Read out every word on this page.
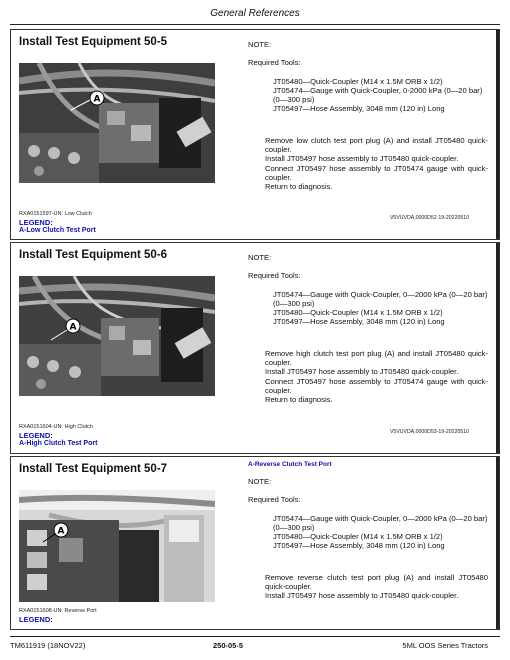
General References
Install Test Equipment 50-5
A
RXA0151597-UN: Low Clutch
LEGEND:
A-Low Clutch Test Port

NOTE:

Required Tools:

JT05480—Quick-Coupler (M14 x 1.5M ORB x 1/2)

JT05474—Gauge with Quick-Coupler, 0-2000 kPa (0—20 bar) (0—300 psi)

JT05497—Hose Assembly, 3048 mm (120 in) Long

Remove low clutch test port plug (A) and install JT05480 quick-coupler.

Install JT05497 hose assembly to JT05480 quick-coupler.

Connect JT05497 hose assembly to JT05474 gauge with quick-coupler.

Return to diagnosis.

V5VUVDA,0000D52-19-20220510
Install Test Equipment 50-6
A
RXA0151604-UN: High Clutch
LEGEND:
A-High Clutch Test Port

NOTE:

Required Tools:

JT05474—Gauge with Quick-Coupler, 0—2000 kPa (0—20 bar) (0—300 psi)

JT05480—Quick-Coupler (M14 x 1.5M ORB x 1/2)

JT05497—Hose Assembly, 3048 mm (120 in) Long

Remove high clutch test port plug (A) and install JT05480 quick-coupler.

Install JT05497 hose assembly to JT05480 quick-coupler.

Connect JT05497 hose assembly to JT05474 gauge with quick-coupler.

Return to diagnosis.

V5VUVDA,0000D53-19-20220510
Install Test Equipment 50-7	A-Reverse Clutch Test Port
A
RXA0151608-UN: Reverse Port
LEGEND:

NOTE:

Required Tools:

JT05474—Gauge with Quick-Coupler, 0—2000 kPa (0—20 bar) (0—300 psi)

JT05480—Quick-Coupler (M14 x 1.5M ORB x 1/2)

JT05497—Hose Assembly, 3048 mm (120 in) Long

Remove reverse clutch test port plug (A) and install JT05480 quick-coupler.

Install JT05497 hose assembly to JT05480 quick-coupler.

TM611919 (18NOV22)	250-05-5	5ML OOS Series Tractors
